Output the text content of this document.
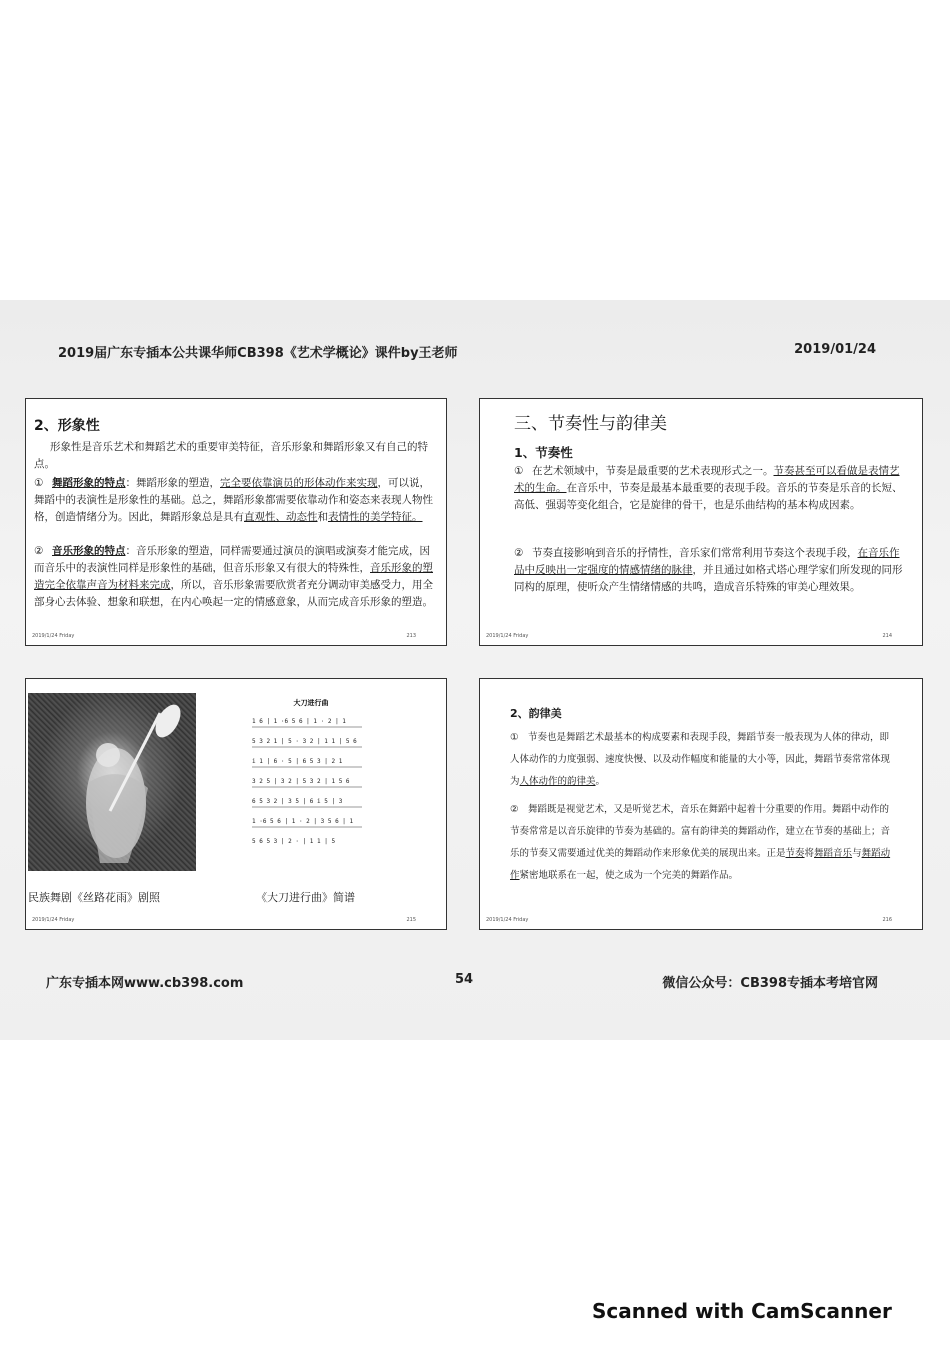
2019届广东专插本公共课华师CB398《艺术学概论》课件by王老师	2019/01/24
2、形象性
形象性是音乐艺术和舞蹈艺术的重要审美特征，音乐形象和舞蹈形象又有自己的特点。
① 舞蹈形象的特点：舞蹈形象的塑造，完全要依靠演员的形体动作来实现，可以说，舞蹈中的表演性是形象性的基础。总之，舞蹈形象都需要依靠动作和姿态来表现人物性格，创造情绪分为。因此，舞蹈形象总是具有直观性、动态性和表情性的美学特征。
② 音乐形象的特点：音乐形象的塑造，同样需要通过演员的演唱或演奏才能完成，因而音乐中的表演性同样是形象性的基础，但音乐形象又有很大的特殊性，音乐形象的塑造完全依靠声音为材料来完成，所以，音乐形象需要欣赏者充分调动审美感受力，用全部身心去体验、想象和联想，在内心唤起一定的情感意象，从而完成音乐形象的塑造。
2019/1/24 Friday	213
三、节奏性与韵律美
1、节奏性
① 在艺术领域中，节奏是最重要的艺术表现形式之一。节奏甚至可以看做是表情艺术的生命。在音乐中，节奏是最基本最重要的表现手段。音乐的节奏是乐音的长短、高低、强弱等变化组合，它是旋律的骨干，也是乐曲结构的基本构成因素。
② 节奏直接影响到音乐的抒情性，音乐家们常常利用节奏这个表现手段，在音乐作品中反映出一定强度的情感情绪的脉律，并且通过如格式塔心理学家们所发现的同形同构的原理，使听众产生情绪情感的共鸣，造成音乐特殊的审美心理效果。
2019/1/24 Friday	214
大刀进行曲
1 6 | 1 ·6 5 6 | 1 · 2 | 1
5 3 2 1 | 5 · 3 2 | 1 1 | 5 6
i 1 | 6 · 5 | 6 5 3 | 2 1
3 2 5 | 3 2 | 5 3 2 | 1 5 6
6 5 3 2 | 3 5 | 6 i 5 | 3
1 ·6 5 6 | 1 · 2 | 3 5 6 | 1
5 6 5 3 | 2 · | 1 1 | 5
民族舞剧《丝路花雨》剧照	《大刀进行曲》简谱
2019/1/24 Friday	215
2、韵律美
① 节奏也是舞蹈艺术最基本的构成要素和表现手段，舞蹈节奏一般表现为人体的律动，即人体动作的力度强弱、速度快慢、以及动作幅度和能量的大小等，因此，舞蹈节奏常常体现为人体动作的韵律美。
② 舞蹈既是视觉艺术，又是听觉艺术，音乐在舞蹈中起着十分重要的作用。舞蹈中动作的节奏常常是以音乐旋律的节奏为基础的。富有韵律美的舞蹈动作，建立在节奏的基础上；音乐的节奏又需要通过优美的舞蹈动作来形象优美的展现出来。正是节奏将舞蹈音乐与舞蹈动作紧密地联系在一起，使之成为一个完美的舞蹈作品。
2019/1/24 Friday	216
广东专插本网www.cb398.com	54	微信公众号：CB398专插本考培官网
Scanned with CamScanner
